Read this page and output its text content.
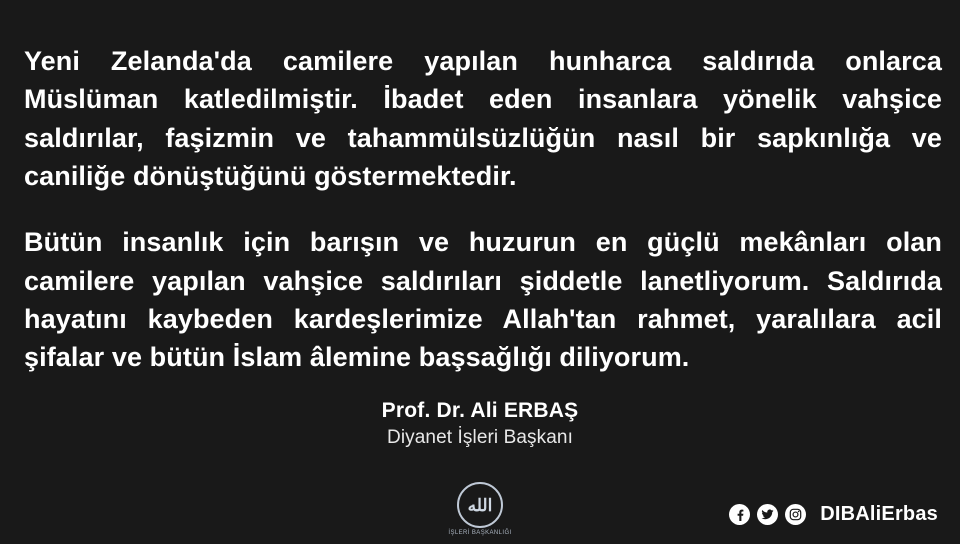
Yeni Zelanda'da camilere yapılan hunharca saldırıda onlarca Müslüman katledilmiştir. İbadet eden insanlara yönelik vahşice saldırılar, faşizmin ve tahammülsüzlüğün nasıl bir sapkınlığa ve caniliğe dönüştüğünü göstermektedir.

Bütün insanlık için barışın ve huzurun en güçlü mekânları olan camilere yapılan vahşice saldırıları şiddetle lanetliyorum. Saldırıda hayatını kaybeden kardeşlerimize Allah'tan rahmet, yaralılara acil şifalar ve bütün İslam âlemine başsağlığı diliyorum.

Prof. Dr. Ali ERBAŞ
Diyanet İşleri Başkanı
الله
İŞLERİ BAŞKANLIĞI
DIBAliErbas
